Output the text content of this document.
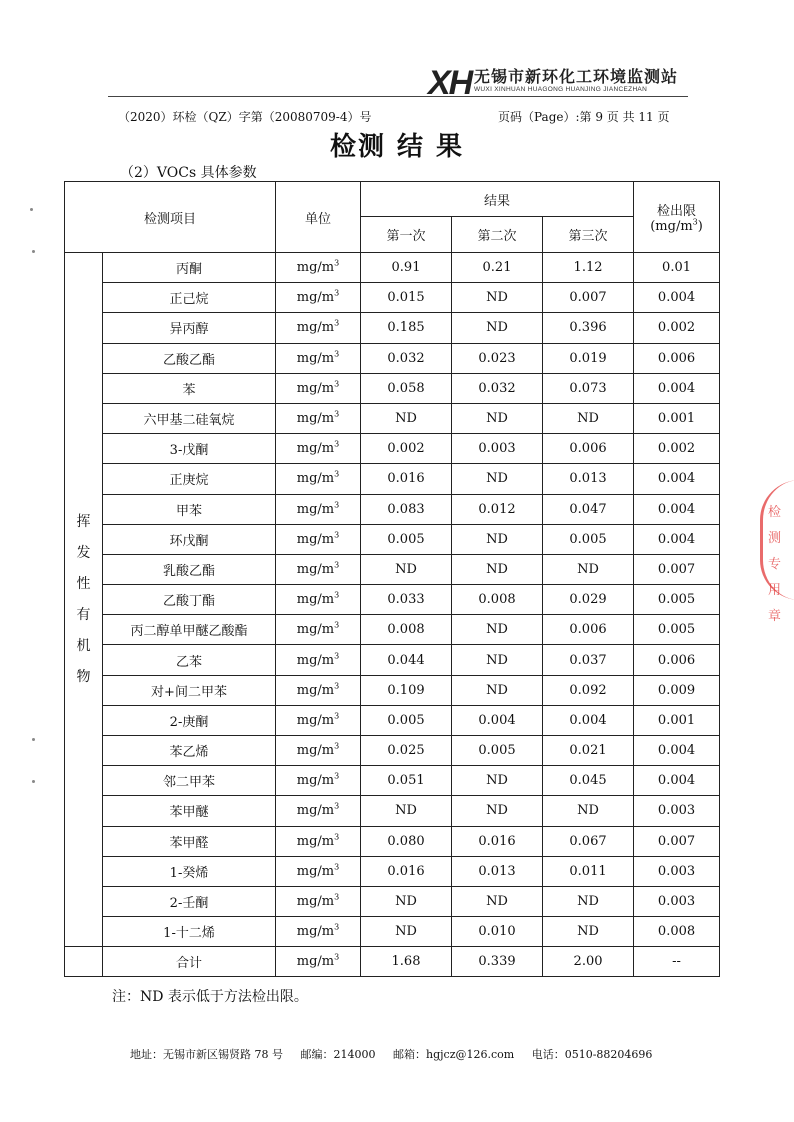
XH 无锡市新环化工环境监测站
WUXI XINHUAN HUAGONG HUANJING JIANCEZHAN
（2020）环检（QZ）字第（20080709-4）号	页码（Page）:第 9 页 共 11 页
检测 结 果
（2）VOCs 具体参数
检测项目		单位	结果			检出限
$(mg/m^3)$

			第一次	第二次	第三次	
挥发性有机物	丙酮	$mg/m^3$	0.91	0.21	1.12	0.01
	正己烷	$mg/m^3$	0.015	ND	0.007	0.004
	异丙醇	$mg/m^3$	0.185	ND	0.396	0.002
	乙酸乙酯	$mg/m^3$	0.032	0.023	0.019	0.006
	苯	$mg/m^3$	0.058	0.032	0.073	0.004
	六甲基二硅氧烷	$mg/m^3$	ND	ND	ND	0.001
	3-戊酮	$mg/m^3$	0.002	0.003	0.006	0.002
	正庚烷	$mg/m^3$	0.016	ND	0.013	0.004
	甲苯	$mg/m^3$	0.083	0.012	0.047	0.004
	环戊酮	$mg/m^3$	0.005	ND	0.005	0.004
	乳酸乙酯	$mg/m^3$	ND	ND	ND	0.007
	乙酸丁酯	$mg/m^3$	0.033	0.008	0.029	0.005
	丙二醇单甲醚乙酸酯	$mg/m^3$	0.008	ND	0.006	0.005
	乙苯	$mg/m^3$	0.044	ND	0.037	0.006
	对+间二甲苯	$mg/m^3$	0.109	ND	0.092	0.009
	2-庚酮	$mg/m^3$	0.005	0.004	0.004	0.001
	苯乙烯	$mg/m^3$	0.025	0.005	0.021	0.004
	邻二甲苯	$mg/m^3$	0.051	ND	0.045	0.004
	苯甲醚	$mg/m^3$	ND	ND	ND	0.003
	苯甲醛	$mg/m^3$	0.080	0.016	0.067	0.007
	1-癸烯	$mg/m^3$	0.016	0.013	0.011	0.003
	2-壬酮	$mg/m^3$	ND	ND	ND	0.003
	1-十二烯	$mg/m^3$	ND	0.010	ND	0.008
	合计	$mg/m^3$	1.68	0.339	2.00	--
注：ND 表示低于方法检出限。
地址：无锡市新区锡贤路 78 号 邮编：214000 邮箱：hgjcz@126.com 电话：0510-88204696
检测专用章
